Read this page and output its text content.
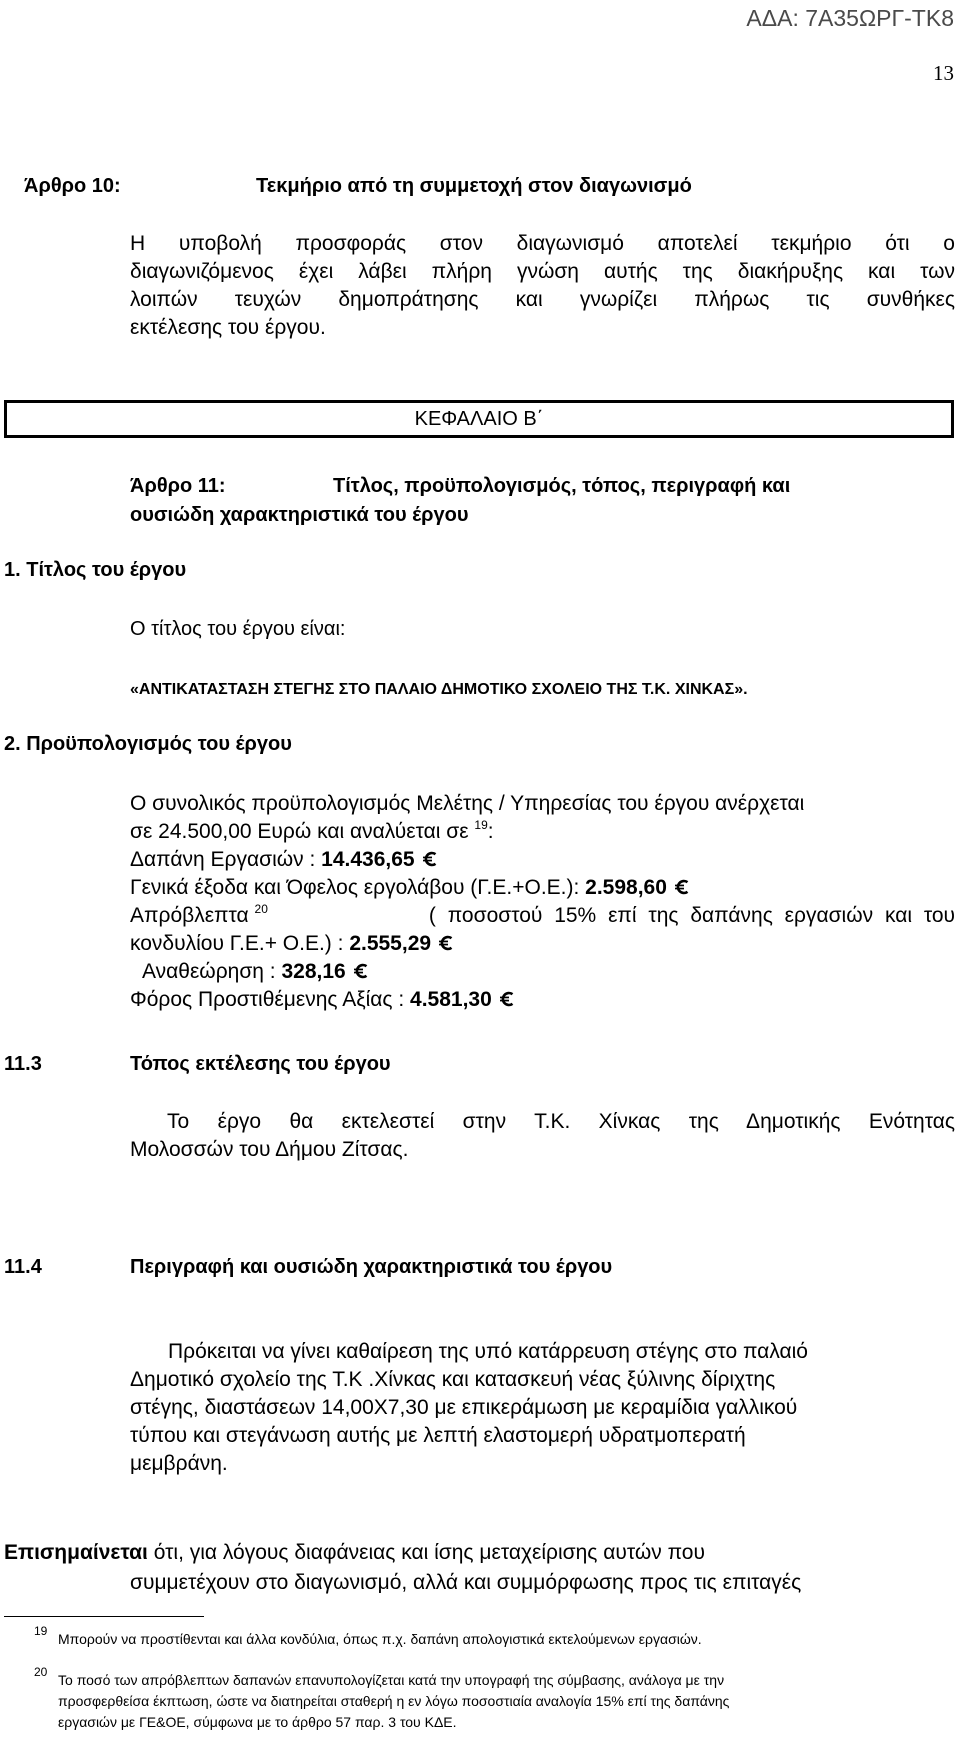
ΑΔΑ: 7Α35ΩΡΓ-ΤΚ8
13
Άρθρο 10:	Τεκμήριο από τη συμμετοχή στον διαγωνισμό
Η υποβολή προσφοράς στον διαγωνισμό αποτελεί τεκμήριο ότι ο
διαγωνιζόμενος έχει λάβει πλήρη γνώση αυτής της διακήρυξης και των
λοιπών τευχών δημοπράτησης και γνωρίζει πλήρως τις συνθήκες
εκτέλεσης του έργου.
ΚΕΦΑΛΑΙΟ Β΄
Άρθρο 11:	Τίτλος, προϋπολογισμός, τόπος, περιγραφή και
ουσιώδη χαρακτηριστικά του έργου
1. Τίτλος του έργου
Ο τίτλος του έργου είναι:
«ΑΝΤΙΚΑΤΑΣΤΑΣΗ ΣΤΕΓΗΣ ΣΤΟ ΠΑΛΑΙΟ ΔΗΜΟΤΙΚΟ ΣΧΟΛΕΙΟ ΤΗΣ Τ.Κ. ΧΙΝΚΑΣ».
2. Προϋπολογισμός του έργου
Ο συνολικός προϋπολογισμός Μελέτης / Υπηρεσίας του έργου ανέρχεται
σε 24.500,00 Ευρώ και αναλύεται σε $^{19}$:
Δαπάνη Εργασιών : 14.436,65
Γενικά έξοδα και Όφελος εργολάβου (Γ.Ε.+Ο.Ε.): 2.598,60
Απρόβλεπτα $^{20}$	( ποσοστού 15% επί της δαπάνης εργασιών και του
κονδυλίου Γ.Ε.+ Ο.Ε.) : 2.555,29
Αναθεώρηση : 328,16
Φόρος Προστιθέμενης Αξίας : 4.581,30
11.3	Τόπος εκτέλεσης του έργου
Το έργο θα εκτελεστεί στην Τ.Κ. Χίνκας της Δημοτικής Ενότητας
Μολοσσών του Δήμου Ζίτσας.
11.4	Περιγραφή και ουσιώδη χαρακτηριστικά του έργου
Πρόκειται να γίνει καθαίρεση της υπό κατάρρευση στέγης στο παλαιό
Δημοτικό σχολείο της Τ.Κ .Χίνκας και κατασκευή νέας ξύλινης δίριχτης
στέγης, διαστάσεων 14,00Χ7,30 με επικεράμωση με κεραμίδια γαλλικού
τύπου και στεγάνωση αυτής με λεπτή ελαστομερή υδρατμοπερατή
μεμβράνη.
Επισημαίνεται ότι, για λόγους διαφάνειας και ίσης μεταχείρισης αυτών που
συμμετέχουν στο διαγωνισμό, αλλά και συμμόρφωσης προς τις επιταγές
19 Μπορούν να προστίθενται και άλλα κονδύλια, όπως π.χ. δαπάνη απολογιστικά εκτελούμενων εργασιών.
20 Το ποσό των απρόβλεπτων δαπανών επανυπολογίζεται κατά την υπογραφή της σύμβασης, ανάλογα με την
προσφερθείσα έκπτωση, ώστε να διατηρείται σταθερή η εν λόγω ποσοστιαία αναλογία 15% επί της δαπάνης
εργασιών με ΓΕ&ΟΕ, σύμφωνα με το άρθρο 57 παρ. 3 του ΚΔΕ.
